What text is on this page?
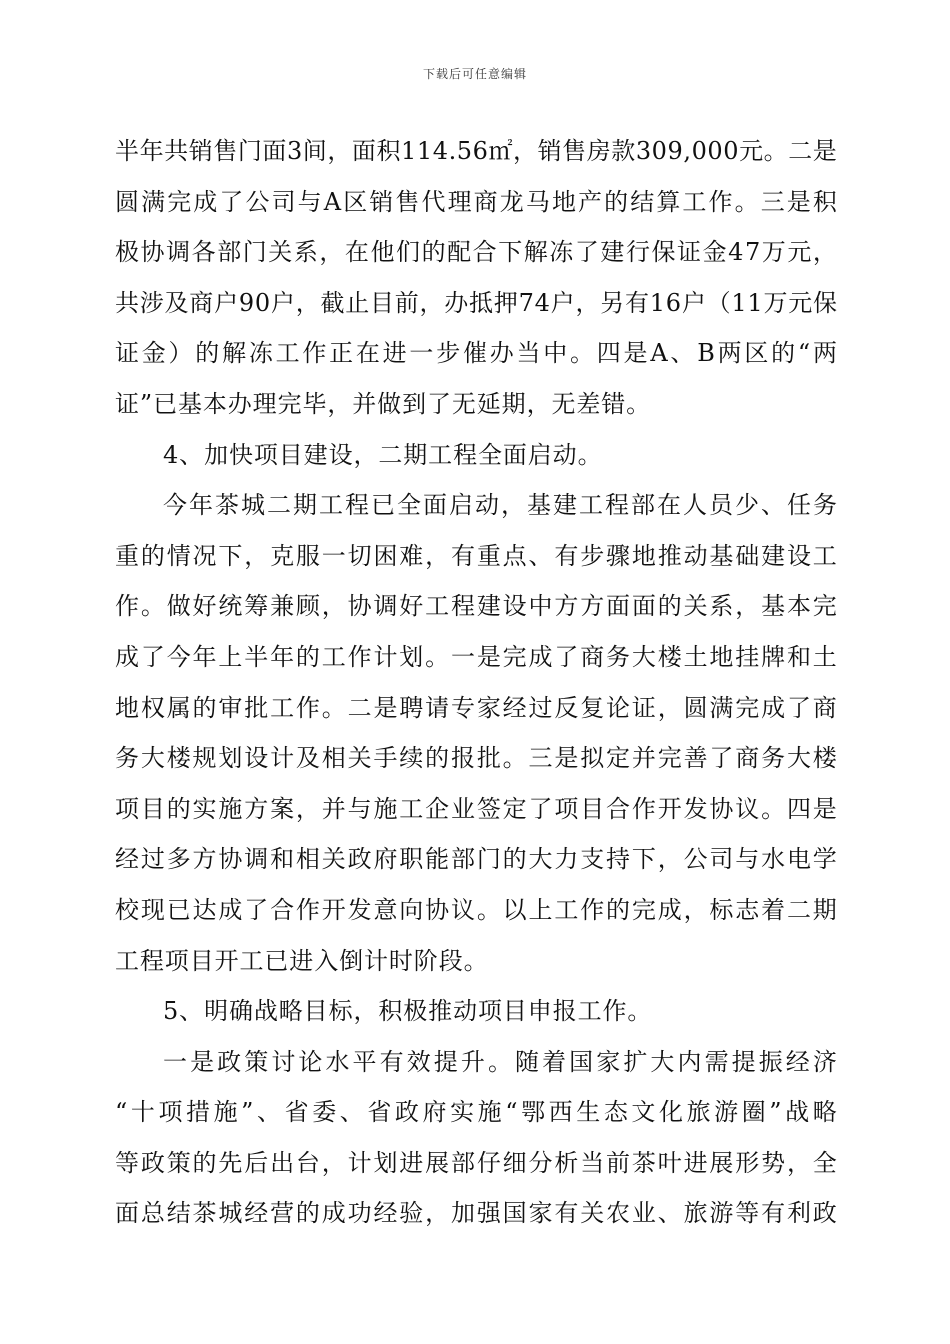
下载后可任意编辑
半 年 共 销 售 门 面 3 间 ， 面 积 1 1 4 . 5 6 ㎡ ， 销 售 房 款 3 0 9 , 0 0 0 元 。 二 是
圆 满 完 成 了 公 司 与 A 区 销 售 代 理 商 龙 马 地 产 的 结 算 工 作 。 三 是 积
极 协 调 各 部 门 关 系 ， 在 他 们 的 配 合 下 解 冻 了 建 行 保 证 金 4 7 万 元 ，
共 涉 及 商 户 9 0 户 ， 截 止 目 前 ， 办 抵 押 7 4 户 ， 另 有 1 6 户 （ 1 1 万 元 保
证 金 ） 的 解 冻 工 作 正 在 进 一 步 催 办 当 中 。 四 是 A 、 B 两 区 的 “ 两
证”已基本办理完毕，并做到了无延期，无差错。
4、加快项目建设，二期工程全面启动。
今 年 茶 城 二 期 工 程 已 全 面 启 动 ， 基 建 工 程 部 在 人 员 少 、 任 务
重 的 情 况 下 ， 克 服 一 切 困 难 ， 有 重 点 、 有 步 骤 地 推 动 基 础 建 设 工
作 。 做 好 统 筹 兼 顾 ， 协 调 好 工 程 建 设 中 方 方 面 面 的 关 系 ， 基 本 完
成 了 今 年 上 半 年 的 工 作 计 划 。 一 是 完 成 了 商 务 大 楼 土 地 挂 牌 和 土
地 权 属 的 审 批 工 作 。 二 是 聘 请 专 家 经 过 反 复 论 证 ， 圆 满 完 成 了 商
务 大 楼 规 划 设 计 及 相 关 手 续 的 报 批 。 三 是 拟 定 并 完 善 了 商 务 大 楼
项 目 的 实 施 方 案 ， 并 与 施 工 企 业 签 定 了 项 目 合 作 开 发 协 议 。 四 是
经 过 多 方 协 调 和 相 关 政 府 职 能 部 门 的 大 力 支 持 下 ， 公 司 与 水 电 学
校 现 已 达 成 了 合 作 开 发 意 向 协 议 。 以 上 工 作 的 完 成 ， 标 志 着 二 期
工程项目开工已进入倒计时阶段。
5、明确战略目标，积极推动项目申报工作。
一 是 政 策 讨 论 水 平 有 效 提 升 。 随 着 国 家 扩 大 内 需 提 振 经 济
“ 十 项 措 施 ” 、 省 委 、 省 政 府 实 施 “ 鄂 西 生 态 文 化 旅 游 圈 ” 战 略
等 政 策 的 先 后 出 台 ， 计 划 进 展 部 仔 细 分 析 当 前 茶 叶 进 展 形 势 ， 全
面 总 结 茶 城 经 营 的 成 功 经 验 ， 加 强 国 家 有 关 农 业 、 旅 游 等 有 利 政
